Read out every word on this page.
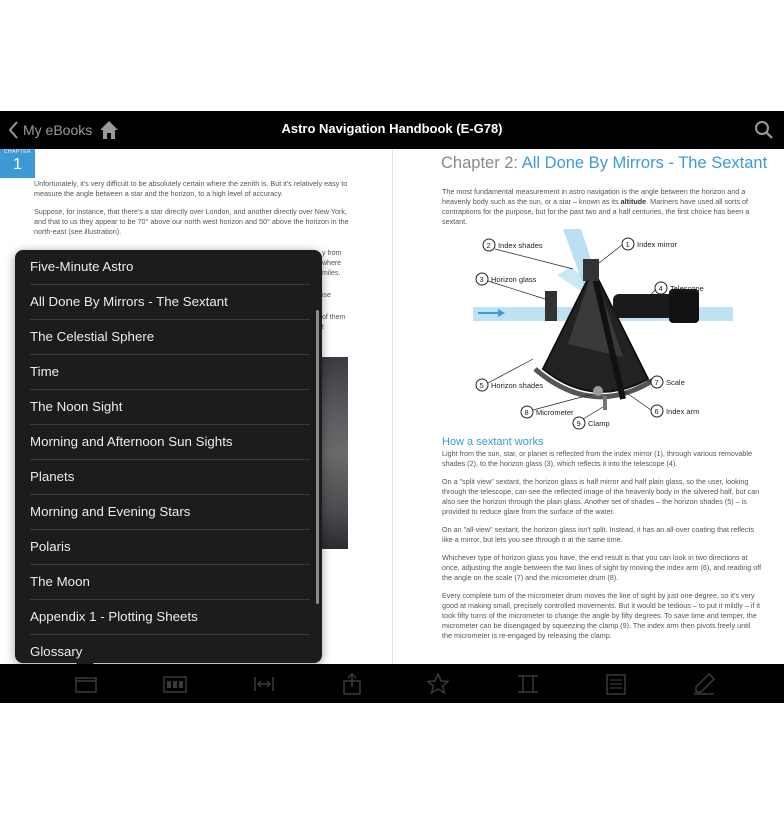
My eBooks	Astro Navigation Handbook (E-G78)
CHAPTER
1

Unfortunately, it's very difficult to be absolutely certain where the zenith is. But it's relatively easy to measure the angle between a star and the horizon, to a high level of accuracy.

Suppose, for instance, that there's a star directly over London, and another directly over New York, and that to us they appear to be 70° above our north west horizon and 50° above the horizon in the north-east (see illustration).

y from
where
miles.
ise
of them
t
Chapter 2: All Done By Mirrors - The Sextant
The most fundamental measurement in astro navigation is the angle between the horizon and a heavenly body such as the sun, or a star – known as its altitude. Mariners have used all sorts of contraptions for the purpose, but for the past two and a half centuries, the first choice has been a sextant.
1 Index mirror
2 Index shades
3 Horizon glass
4 Telescope
5 Horizon shades
6 Index arm
7 Scale
8 Micrometer
9 Clamp
How a sextant works

Light from the sun, star, or planet is reflected from the index mirror (1), through various removable shades (2), to the horizon glass (3), which reflects it into the telescope (4).

On a "split view" sextant, the horizon glass is half mirror and half plain glass, so the user, looking through the telescope, can see the reflected image of the heavenly body in the silvered half, but can also see the horizon through the plain glass. Another set of shades – the horizon shades (5) – is provided to reduce glare from the surface of the water.

On an "all-view" sextant, the horizon glass isn't split. Instead, it has an all-over coating that reflects like a mirror, but lets you see through it at the same time.

Whichever type of horizon glass you have, the end result is that you can look in two directions at once, adjusting the angle between the two lines of sight by moving the index arm (6), and reading off the angle on the scale (7) and the micrometer drum (8).

Every complete turn of the micrometer drum moves the line of sight by just one degree, so it's very good at making small, precisely controlled movements. But it would be tedious – to put it mildly – if it took fifty turns of the micrometer to change the angle by fifty degrees. To save time and temper, the micrometer can be disengaged by squeezing the clamp (9). The index arm then pivots freely until the micrometer is re-engaged by releasing the clamp.

Five-Minute Astro
All Done By Mirrors - The Sextant
The Celestial Sphere
Time
The Noon Sight
Morning and Afternoon Sun Sights
Planets
Morning and Evening Stars
Polaris
The Moon
Appendix 1 - Plotting Sheets
Glossary
